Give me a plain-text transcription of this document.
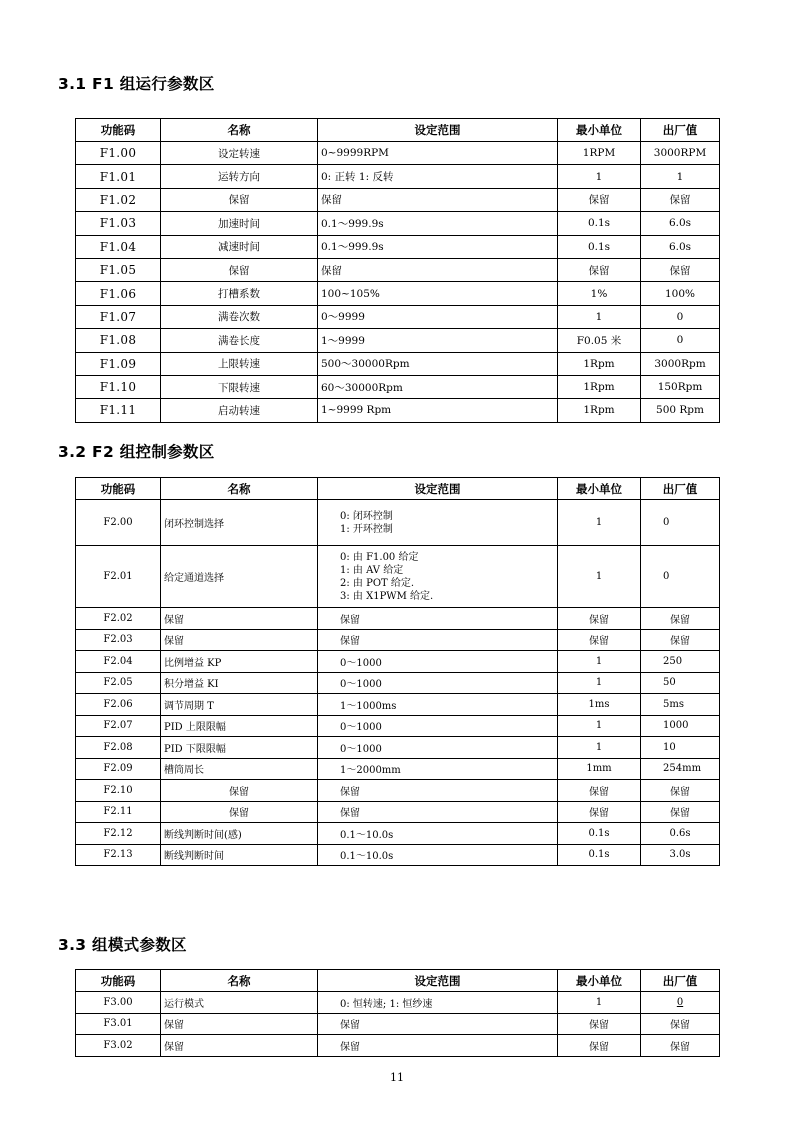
3.1 F1 组运行参数区
功能码	名称	设定范围	最小单位	出厂值
F1.00	设定转速	0~9999RPM	1RPM	3000RPM
F1.01	运转方向	0: 正转 1: 反转	1	1
F1.02	保留	保留	保留	保留
F1.03	加速时间	0.1～999.9s	0.1s	6.0s
F1.04	减速时间	0.1～999.9s	0.1s	6.0s
F1.05	保留	保留	保留	保留
F1.06	打槽系数	100~105%	1%	100%
F1.07	满卷次数	0～9999	1	0
F1.08	满卷长度	1～9999	F0.05 米	0
F1.09	上限转速	500～30000Rpm	1Rpm	3000Rpm
F1.10	下限转速	60～30000Rpm	1Rpm	150Rpm
F1.11	启动转速	1~9999 Rpm	1Rpm	500 Rpm
3.2 F2 组控制参数区
功能码	名称	设定范围	最小单位	出厂值
F2.00	闭环控制选择	0: 闭环控制
1: 开环控制	1	0
F2.01	给定通道选择	0: 由 F1.00 给定
1: 由 AV 给定
2: 由 POT 给定.
3: 由 X1PWM 给定.	1	0
F2.02	保留	保留	保留	保留
F2.03	保留	保留	保留	保留
F2.04	比例增益 KP	0～1000	1	250
F2.05	积分增益 KI	0～1000	1	50
F2.06	调节周期 T	1～1000ms	1ms	5ms
F2.07	PID 上限限幅	0～1000	1	1000
F2.08	PID 下限限幅	0～1000	1	10
F2.09	槽筒周长	1～2000mm	1mm	254mm
F2.10	保留	保留	保留	保留
F2.11	保留	保留	保留	保留
F2.12	断线判断时间(感)	0.1～10.0s	0.1s	0.6s
F2.13	断线判断时间	0.1～10.0s	0.1s	3.0s
3.3 组模式参数区
功能码	名称	设定范围	最小单位	出厂值
F3.00	运行模式	0: 恒转速; 1: 恒纱速	1	0
F3.01	保留	保留	保留	保留
F3.02	保留	保留	保留	保留
11
